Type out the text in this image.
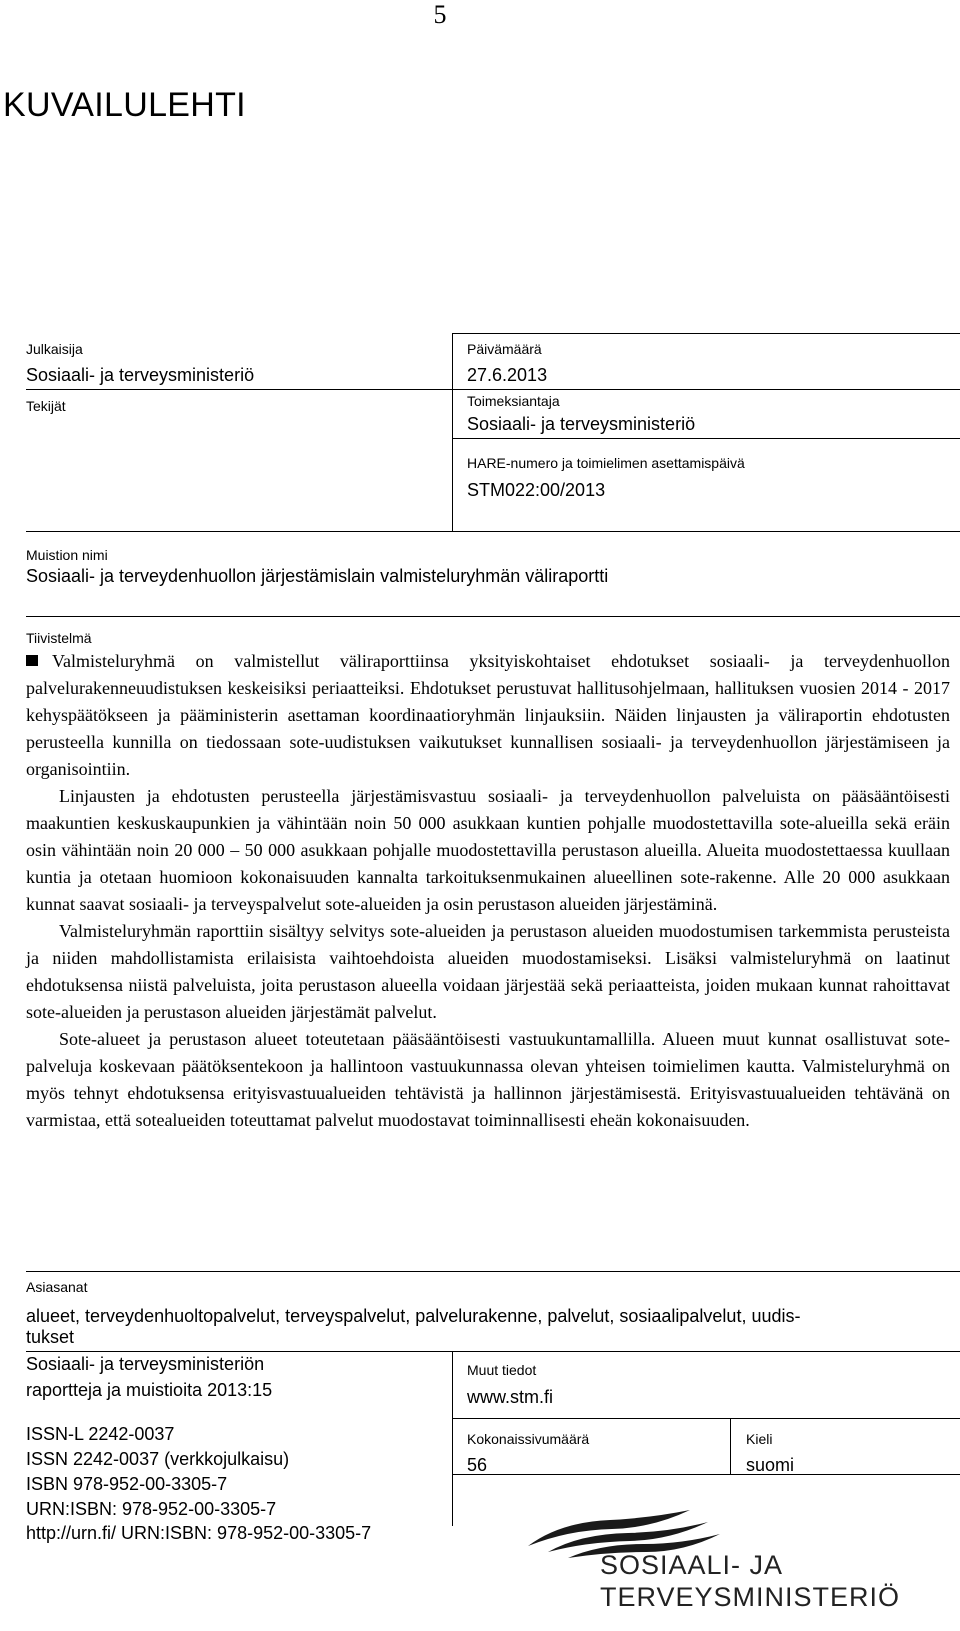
5
KUVAILULEHTI
Julkaisija
Sosiaali- ja terveysministeriö
Päivämäärä
27.6.2013
Tekijät	Toimeksiantaja
Sosiaali- ja terveysministeriö
HARE-numero ja toimielimen asettamispäivä
STM022:00/2013
Muistion nimi
Sosiaali- ja terveydenhuollon järjestämislain valmisteluryhmän väliraportti
Tiivistelmä

Valmisteluryhmä on valmistellut väliraporttiinsa yksityiskohtaiset ehdotukset sosiaali- ja terveydenhuollon palvelurakenneuudistuksen keskeisiksi periaatteiksi. Ehdotukset perustuvat hallitusohjelmaan, hallituksen vuosien 2014 - 2017 kehyspäätökseen ja pääministerin asettaman koordinaatioryhmän linjauksiin. Näiden linjausten ja väliraportin ehdotusten perusteella kunnilla on tiedossaan sote-uudistuksen vaikutukset kunnallisen sosiaali- ja terveydenhuollon järjestämiseen ja organisointiin.

Linjausten ja ehdotusten perusteella järjestämisvastuu sosiaali- ja terveydenhuollon palveluista on pääsääntöisesti maakuntien keskuskaupunkien ja vähintään noin 50 000 asukkaan kuntien pohjalle muodostettavilla sote-alueilla sekä eräin osin vähintään noin 20 000 – 50 000 asukkaan pohjalle muodostettavilla perustason alueilla. Alueita muodostettaessa kuullaan kuntia ja otetaan huomioon kokonaisuuden kannalta tarkoituksenmukainen alueellinen sote-rakenne. Alle 20 000 asukkaan kunnat saavat sosiaali- ja terveyspalvelut sote-alueiden ja osin perustason alueiden järjestäminä.

Valmisteluryhmän raporttiin sisältyy selvitys sote-alueiden ja perustason alueiden muodostumisen tarkemmista perusteista ja niiden mahdollistamista erilaisista vaihtoehdoista alueiden muodostamiseksi. Lisäksi valmisteluryhmä on laatinut ehdotuksensa niistä palveluista, joita perustason alueella voidaan järjestää sekä periaatteista, joiden mukaan kunnat rahoittavat sote-alueiden ja perustason alueiden järjestämät palvelut.

Sote-alueet ja perustason alueet toteutetaan pääsääntöisesti vastuukuntamallilla. Alueen muut kunnat osallistuvat sote-palveluja koskevaan päätöksentekoon ja hallintoon vastuukunnassa olevan yhteisen toimielimen kautta. Valmisteluryhmä on myös tehnyt ehdotuksensa erityisvastuualueiden tehtävistä ja hallinnon järjestämisestä. Erityisvastuualueiden tehtävänä on varmistaa, että sotealueiden toteuttamat palvelut muodostavat toiminnallisesti eheän kokonaisuuden.

Asiasanat
alueet, terveydenhuoltopalvelut, terveyspalvelut, palvelurakenne, palvelut, sosiaalipalvelut, uudis-
tukset
Sosiaali- ja terveysministeriön
raportteja ja muistioita 2013:15
ISSN-L 2242-0037
ISSN 2242-0037 (verkkojulkaisu)
ISBN 978-952-00-3305-7
URN:ISBN: 978-952-00-3305-7
http://urn.fi/ URN:ISBN: 978-952-00-3305-7
Muut tiedot
www.stm.fi
Kokonaissivumäärä
56
Kieli
suomi
SOSIAALI- JA
TERVEYSMINISTERIÖ
